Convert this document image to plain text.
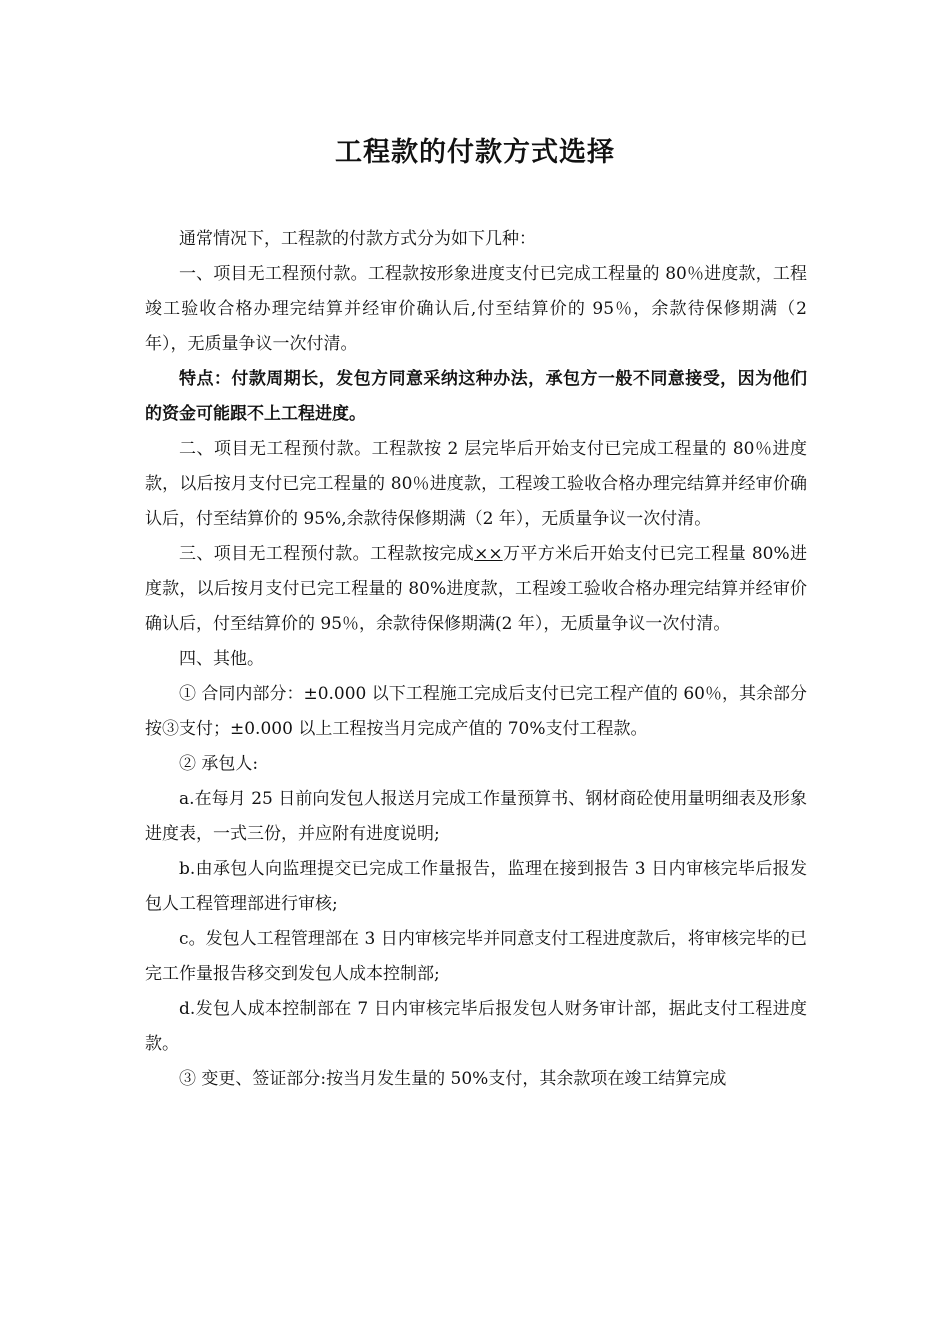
工程款的付款方式选择

通常情况下，工程款的付款方式分为如下几种：

一、项目无工程预付款。工程款按形象进度支付已完成工程量的 80％进度款，工程竣工验收合格办理完结算并经审价确认后,付至结算价的 95％，余款待保修期满（2 年），无质量争议一次付清。

特点：付款周期长，发包方同意采纳这种办法，承包方一般不同意接受，因为他们的资金可能跟不上工程进度。

二、项目无工程预付款。工程款按 2 层完毕后开始支付已完成工程量的 80％进度款，以后按月支付已完工程量的 80％进度款，工程竣工验收合格办理完结算并经审价确认后，付至结算价的 95%,余款待保修期满（2 年），无质量争议一次付清。

三、项目无工程预付款。工程款按完成××万平方米后开始支付已完工程量 80%进度款，以后按月支付已完工程量的 80%进度款，工程竣工验收合格办理完结算并经审价确认后，付至结算价的 95％，余款待保修期满(2 年），无质量争议一次付清。

四、其他。

① 合同内部分：±0.000 以下工程施工完成后支付已完工程产值的 60％，其余部分按③支付；±0.000 以上工程按当月完成产值的 70%支付工程款。

② 承包人:

a.在每月 25 日前向发包人报送月完成工作量预算书、钢材商砼使用量明细表及形象进度表，一式三份，并应附有进度说明;

b.由承包人向监理提交已完成工作量报告，监理在接到报告 3 日内审核完毕后报发包人工程管理部进行审核;

c。发包人工程管理部在 3 日内审核完毕并同意支付工程进度款后，将审核完毕的已完工作量报告移交到发包人成本控制部;

d.发包人成本控制部在 7 日内审核完毕后报发包人财务审计部，据此支付工程进度款。

③ 变更、签证部分:按当月发生量的 50%支付，其余款项在竣工结算完成
